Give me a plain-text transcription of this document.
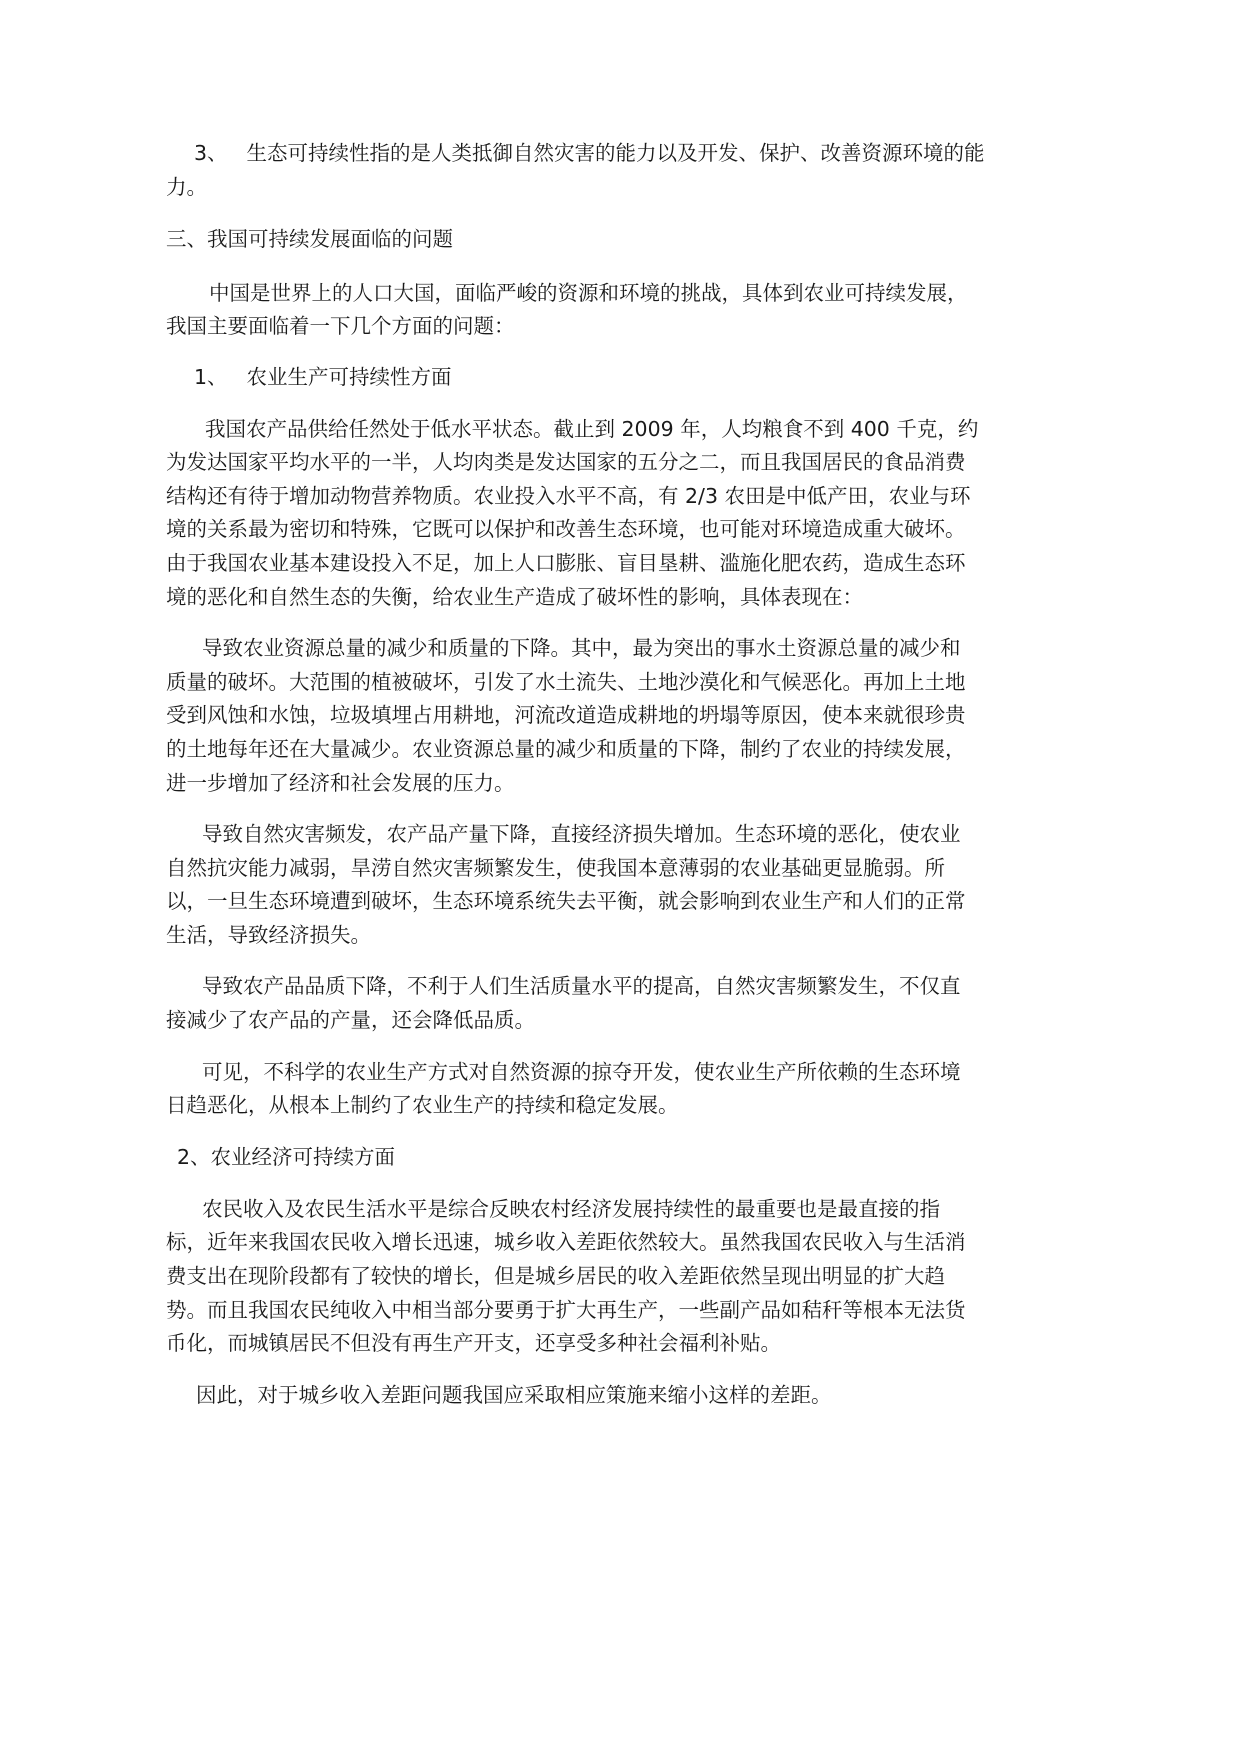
3、 生态可持续性指的是人类抵御自然灾害的能力以及开发、保护、改善资源环境的能
力。
三、我国可持续发展面临的问题
中国是世界上的人口大国，面临严峻的资源和环境的挑战，具体到农业可持续发展，
我国主要面临着一下几个方面的问题：
1、 农业生产可持续性方面
我国农产品供给任然处于低水平状态。截止到 2009 年，人均粮食不到 400 千克，约
为发达国家平均水平的一半，人均肉类是发达国家的五分之二，而且我国居民的食品消费
结构还有待于增加动物营养物质。农业投入水平不高，有 2/3 农田是中低产田，农业与环
境的关系最为密切和特殊，它既可以保护和改善生态环境，也可能对环境造成重大破坏。
由于我国农业基本建设投入不足，加上人口膨胀、盲目垦耕、滥施化肥农药，造成生态环
境的恶化和自然生态的失衡，给农业生产造成了破坏性的影响，具体表现在：
导致农业资源总量的减少和质量的下降。其中，最为突出的事水土资源总量的减少和
质量的破坏。大范围的植被破坏，引发了水土流失、土地沙漠化和气候恶化。再加上土地
受到风蚀和水蚀，垃圾填埋占用耕地，河流改道造成耕地的坍塌等原因，使本来就很珍贵
的土地每年还在大量减少。农业资源总量的减少和质量的下降，制约了农业的持续发展，
进一步增加了经济和社会发展的压力。
导致自然灾害频发，农产品产量下降，直接经济损失增加。生态环境的恶化，使农业
自然抗灾能力减弱，旱涝自然灾害频繁发生，使我国本意薄弱的农业基础更显脆弱。所
以，一旦生态环境遭到破坏，生态环境系统失去平衡，就会影响到农业生产和人们的正常
生活，导致经济损失。
导致农产品品质下降，不利于人们生活质量水平的提高，自然灾害频繁发生，不仅直
接减少了农产品的产量，还会降低品质。
可见，不科学的农业生产方式对自然资源的掠夺开发，使农业生产所依赖的生态环境
日趋恶化，从根本上制约了农业生产的持续和稳定发展。
2、农业经济可持续方面
农民收入及农民生活水平是综合反映农村经济发展持续性的最重要也是最直接的指
标，近年来我国农民收入增长迅速，城乡收入差距依然较大。虽然我国农民收入与生活消
费支出在现阶段都有了较快的增长，但是城乡居民的收入差距依然呈现出明显的扩大趋
势。而且我国农民纯收入中相当部分要勇于扩大再生产，一些副产品如秸秆等根本无法货
币化，而城镇居民不但没有再生产开支，还享受多种社会福利补贴。
因此，对于城乡收入差距问题我国应采取相应策施来缩小这样的差距。
